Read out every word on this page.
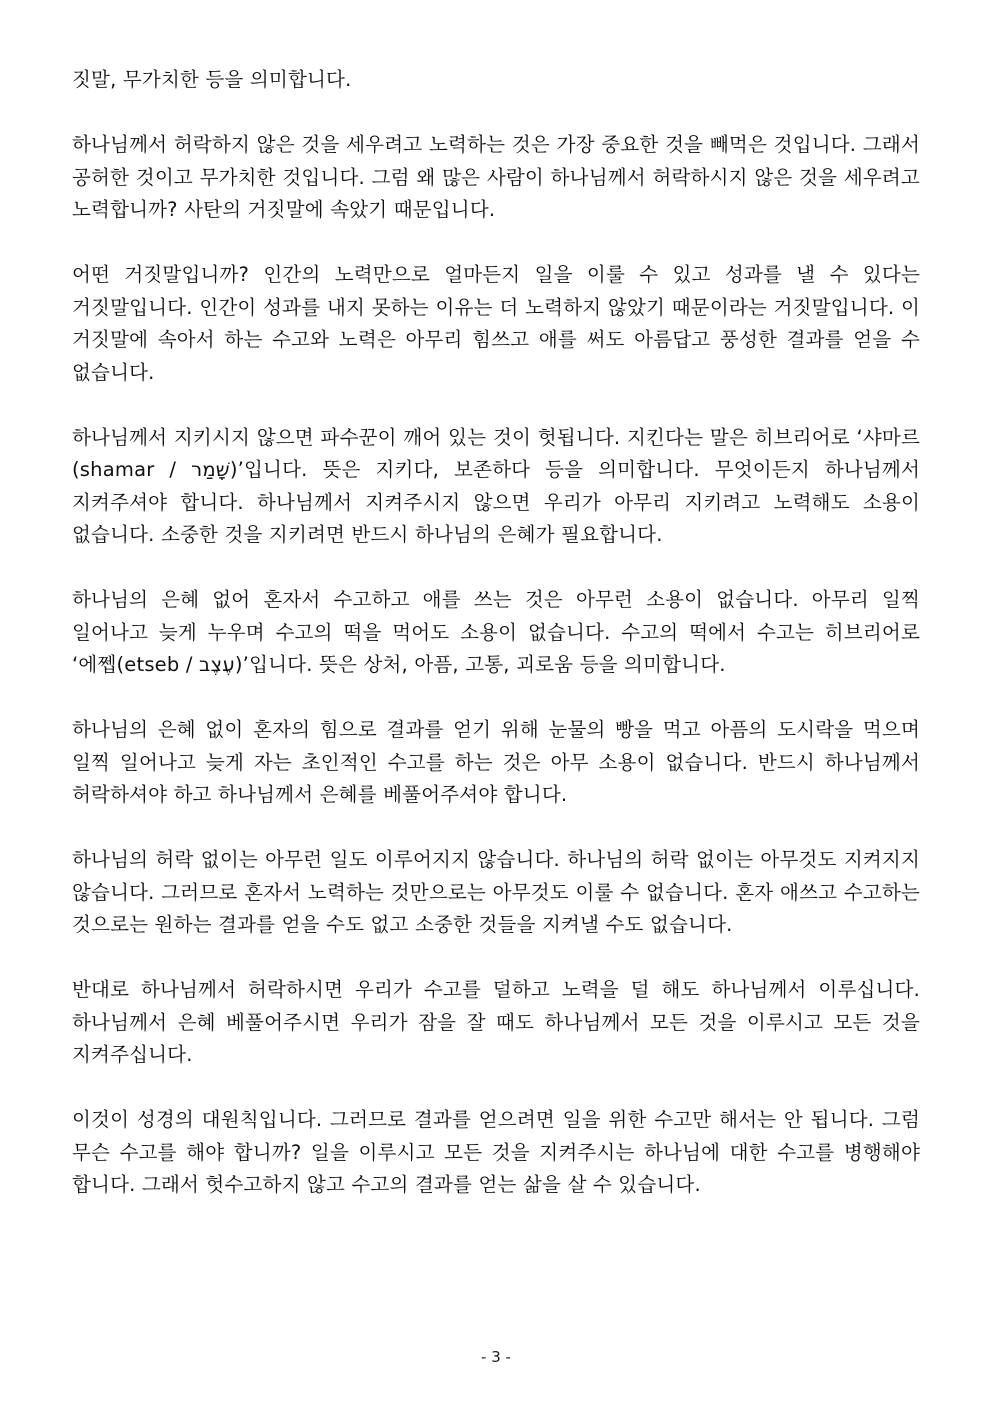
짓말, 무가치한 등을 의미합니다.

하나님께서 허락하지 않은 것을 세우려고 노력하는 것은 가장 중요한 것을 빼먹은 것입니다. 그래서 공허한 것이고 무가치한 것입니다. 그럼 왜 많은 사람이 하나님께서 허락하시지 않은 것을 세우려고 노력합니까? 사탄의 거짓말에 속았기 때문입니다.

어떤 거짓말입니까? 인간의 노력만으로 얼마든지 일을 이룰 수 있고 성과를 낼 수 있다는 거짓말입니다. 인간이 성과를 내지 못하는 이유는 더 노력하지 않았기 때문이라는 거짓말입니다. 이 거짓말에 속아서 하는 수고와 노력은 아무리 힘쓰고 애를 써도 아름답고 풍성한 결과를 얻을 수 없습니다.

하나님께서 지키시지 않으면 파수꾼이 깨어 있는 것이 헛됩니다. 지킨다는 말은 히브리어로 ‘샤마르(shamar / שָׁמַר)’입니다. 뜻은 지키다, 보존하다 등을 의미합니다. 무엇이든지 하나님께서 지켜주셔야 합니다. 하나님께서 지켜주시지 않으면 우리가 아무리 지키려고 노력해도 소용이 없습니다. 소중한 것을 지키려면 반드시 하나님의 은혜가 필요합니다.

하나님의 은혜 없어 혼자서 수고하고 애를 쓰는 것은 아무런 소용이 없습니다. 아무리 일찍 일어나고 늦게 누우며 수고의 떡을 먹어도 소용이 없습니다. 수고의 떡에서 수고는 히브리어로 ‘에쩹(etseb / עֶצֶב)’입니다. 뜻은 상처, 아픔, 고통, 괴로움 등을 의미합니다.

하나님의 은혜 없이 혼자의 힘으로 결과를 얻기 위해 눈물의 빵을 먹고 아픔의 도시락을 먹으며 일찍 일어나고 늦게 자는 초인적인 수고를 하는 것은 아무 소용이 없습니다. 반드시 하나님께서 허락하셔야 하고 하나님께서 은혜를 베풀어주셔야 합니다.

하나님의 허락 없이는 아무런 일도 이루어지지 않습니다. 하나님의 허락 없이는 아무것도 지켜지지 않습니다. 그러므로 혼자서 노력하는 것만으로는 아무것도 이룰 수 없습니다. 혼자 애쓰고 수고하는 것으로는 원하는 결과를 얻을 수도 없고 소중한 것들을 지켜낼 수도 없습니다.

반대로 하나님께서 허락하시면 우리가 수고를 덜하고 노력을 덜 해도 하나님께서 이루십니다. 하나님께서 은혜 베풀어주시면 우리가 잠을 잘 때도 하나님께서 모든 것을 이루시고 모든 것을 지켜주십니다.

이것이 성경의 대원칙입니다. 그러므로 결과를 얻으려면 일을 위한 수고만 해서는 안 됩니다. 그럼 무슨 수고를 해야 합니까? 일을 이루시고 모든 것을 지켜주시는 하나님에 대한 수고를 병행해야 합니다. 그래서 헛수고하지 않고 수고의 결과를 얻는 삶을 살 수 있습니다.

- 3 -
